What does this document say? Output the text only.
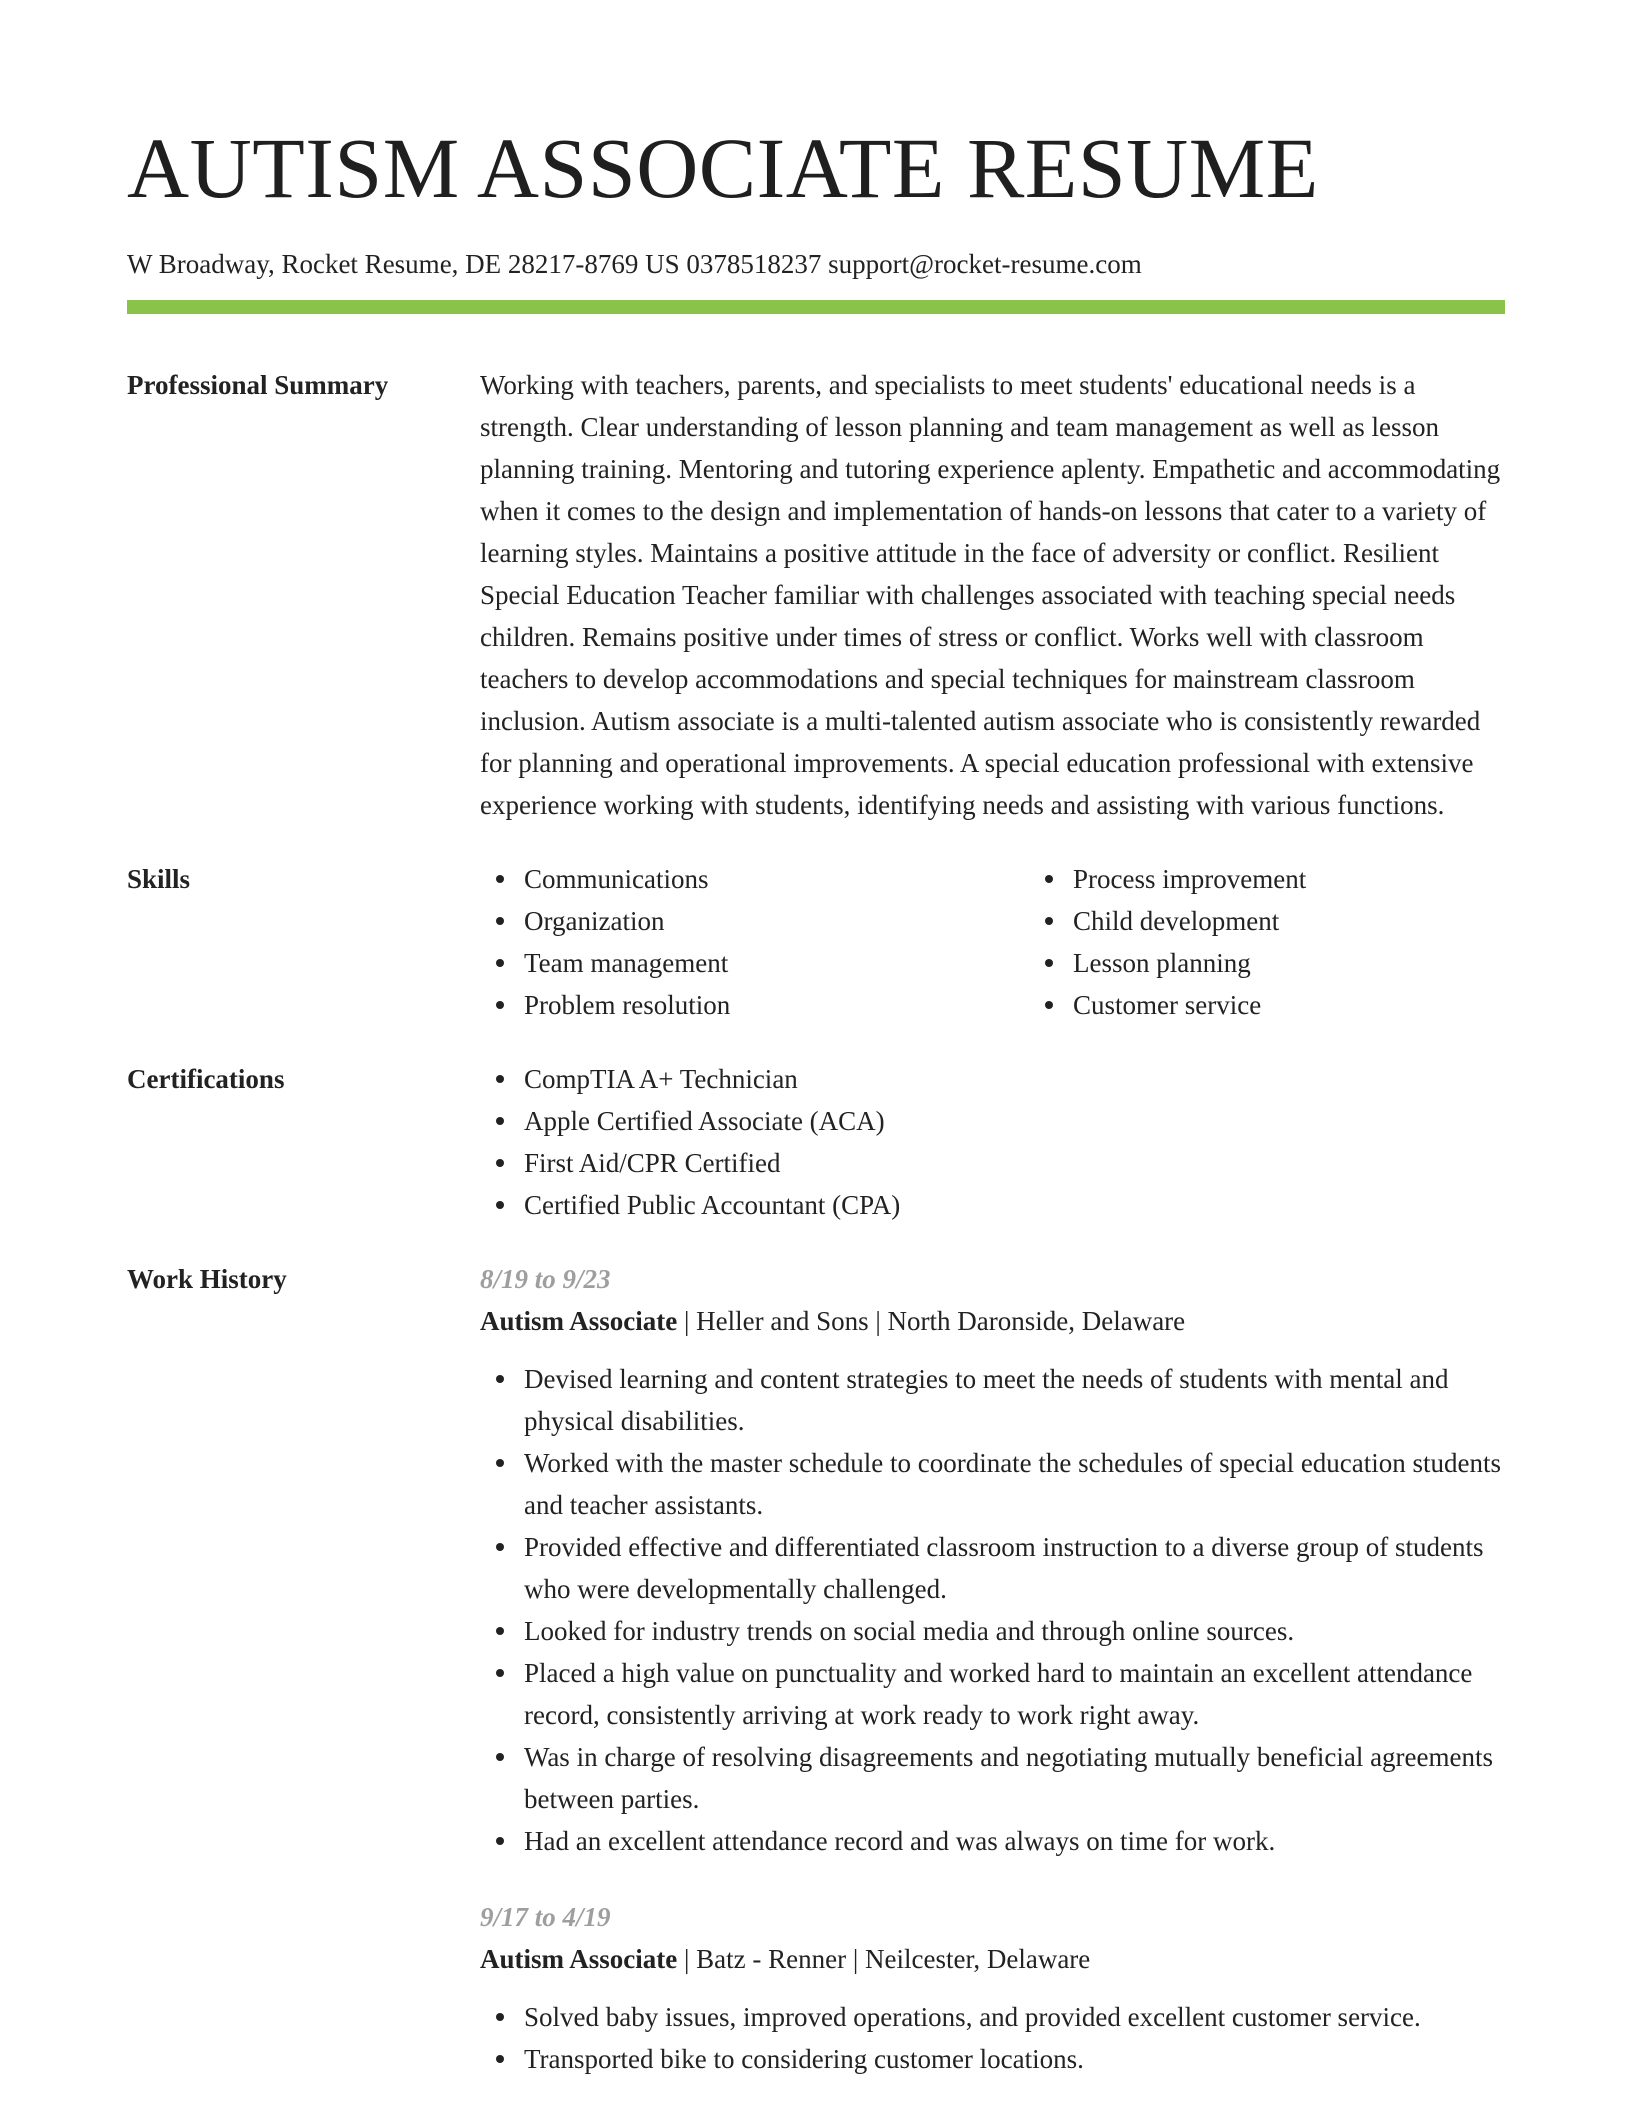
AUTISM ASSOCIATE RESUME
W Broadway, Rocket Resume, DE 28217-8769 US 0378518237 support@rocket-resume.com
Professional Summary	Working with teachers, parents, and specialists to meet students' educational needs is a strength. Clear understanding of lesson planning and team management as well as lesson planning training. Mentoring and tutoring experience aplenty. Empathetic and accommodating when it comes to the design and implementation of hands-on lessons that cater to a variety of learning styles. Maintains a positive attitude in the face of adversity or conflict. Resilient Special Education Teacher familiar with challenges associated with teaching special needs children. Remains positive under times of stress or conflict. Works well with classroom teachers to develop accommodations and special techniques for mainstream classroom inclusion. Autism associate is a multi-talented autism associate who is consistently rewarded for planning and operational improvements. A special education professional with extensive experience working with students, identifying needs and assisting with various functions.
Skills	Communications
Organization
Team management
Problem resolution
Process improvement
Child development
Lesson planning
Customer service
Certifications	CompTIA A+ Technician
Apple Certified Associate (ACA)
First Aid/CPR Certified
Certified Public Accountant (CPA)
Work History	8/19 to 9/23
Autism Associate | Heller and Sons | North Daronside, Delaware
Devised learning and content strategies to meet the needs of students with mental and physical disabilities.
Worked with the master schedule to coordinate the schedules of special education students and teacher assistants.
Provided effective and differentiated classroom instruction to a diverse group of students who were developmentally challenged.
Looked for industry trends on social media and through online sources.
Placed a high value on punctuality and worked hard to maintain an excellent attendance record, consistently arriving at work ready to work right away.
Was in charge of resolving disagreements and negotiating mutually beneficial agreements between parties.
Had an excellent attendance record and was always on time for work.
9/17 to 4/19
Autism Associate | Batz - Renner | Neilcester, Delaware
Solved baby issues, improved operations, and provided excellent customer service.
Transported bike to considering customer locations.
